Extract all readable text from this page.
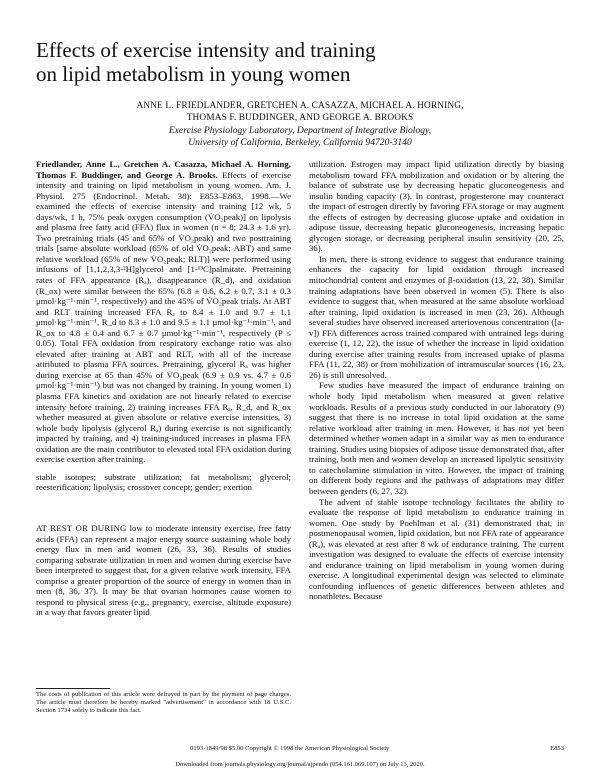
Effects of exercise intensity and training
on lipid metabolism in young women
ANNE L. FRIEDLANDER, GRETCHEN A. CASAZZA, MICHAEL A. HORNING,
THOMAS F. BUDDINGER, AND GEORGE A. BROOKS
Exercise Physiology Laboratory, Department of Integrative Biology,
University of California, Berkeley, California 94720-3140

Friedlander, Anne L., Gretchen A. Casazza, Michael A. Horning, Thomas F. Buddinger, and George A. Brooks. Effects of exercise intensity and training on lipid metabolism in young women. Am. J. Physiol. 275 (Endocrinol. Metab. 38): E853–E863, 1998.—We examined the effects of exercise intensity and training [12 wk, 5 days/wk, 1 h, 75% peak oxygen consumption (V̇O₂peak)] on lipolysis and plasma free fatty acid (FFA) flux in women (n = 8; 24.3 ± 1.6 yr). Two pretraining trials (45 and 65% of V̇O₂peak) and two posttraining trials [same absolute workload (65% of old V̇O₂peak; ABT) and same relative workload (65% of new V̇O₂peak; RLT)] were performed using infusions of [1,1,2,3,3-²H]glycerol and [1-¹³C]palmitate. Pretraining rates of FFA appearance (Rₐ), disappearance (R_d), and oxidation (R_ox) were similar between the 65% (6.8 ± 0.6, 6.2 ± 0.7, 3.1 ± 0.3 μmol·kg⁻¹·min⁻¹, respectively) and the 45% of V̇O₂peak trials. At ABT and RLT training increased FFA Rₐ to 8.4 ± 1.0 and 9.7 ± 1.1 μmol·kg⁻¹·min⁻¹, R_d to 8.3 ± 1.0 and 9.5 ± 1.1 μmol·kg⁻¹·min⁻¹, and R_ox to 4.8 ± 0.4 and 6.7 ± 0.7 μmol·kg⁻¹·min⁻¹, respectively (P ≤ 0.05). Total FFA oxidation from respiratory exchange ratio was also elevated after training at ABT and RLT, with all of the increase attributed to plasma FFA sources. Pretraining, glycerol Rₐ was higher during exercise at 65 than 45% of V̇O₂peak (6.9 ± 0.9 vs. 4.7 ± 0.6 μmol·kg⁻¹·min⁻¹) but was not changed by training. In young women 1) plasma FFA kinetics and oxidation are not linearly related to exercise intensity before training, 2) training increases FFA Rₐ, R_d, and R_ox whether measured at given absolute or relative exercise intensities, 3) whole body lipolysis (glycerol Rₐ) during exercise is not significantly impacted by training, and 4) training-induced increases in plasma FFA oxidation are the main contributor to elevated total FFA oxidation during exercise exertion after training.

stable isotopes; substrate utilization; fat metabolism; glycerol; reesterification; lipolysis; crossover concept; gender; exertion

AT REST OR DURING low to moderate intensity exercise, free fatty acids (FFA) can represent a major energy source sustaining whole body energy flux in men and women (26, 33, 36). Results of studies comparing substrate utilization in men and women during exercise have been interpreted to suggest that, for a given relative work intensity, FFA comprise a greater proportion of the source of energy in women than in men (8, 36, 37). It may be that ovarian hormones cause women to respond to physical stress (e.g., pregnancy, exercise, altitude exposure) in a way that favors greater lipid

utilization. Estrogen may impact lipid utilization directly by biasing metabolism toward FFA mobilization and oxidation or by altering the balance of substrate use by decreasing hepatic gluconeogenesis and insulin binding capacity (3). In contrast, progesterone may counteract the impact of estrogen directly by favoring FFA storage or may augment the effects of estrogen by decreasing glucose uptake and oxidation in adipose tissue, decreasing hepatic gluconeogenesis, increasing hepatic glycogen storage, or decreasing peripheral insulin sensitivity (20, 25, 36).

In men, there is strong evidence to suggest that endurance training enhances the capacity for lipid oxidation through increased mitochondrial content and enzymes of β-oxidation (13, 22, 38). Similar training adaptations have been observed in women (5). There is also evidence to suggest that, when measured at the same absolute workload after training, lipid oxidation is increased in men (23, 26). Although several studies have observed increased arteriovenous concentration ([a-v]) FFA differences across trained compared with untrained legs during exercise (1, 12, 22), the issue of whether the increase in lipid oxidation during exercise after training results from increased uptake of plasma FFA (11, 22, 38) or from mobilization of intramuscular sources (16, 23, 26) is still unresolved.

Few studies have measured the impact of endurance training on whole body lipid metabolism when measured at given relative workloads. Results of a previous study conducted in our laboratory (9) suggest that there is no increase in total lipid oxidation at the same relative workload after training in men. However, it has not yet been determined whether women adapt in a similar way as men to endurance training. Studies using biopsies of adipose tissue demonstrated that, after training, both men and women develop an increased lipolytic sensitivity to catecholamine stimulation in vitro. However, the impact of training on different body regions and the pathways of adaptations may differ between genders (6, 27, 32).

The advent of stable isotope technology facilitates the ability to evaluate the response of lipid metabolism to endurance training in women. One study by Poehlman et al. (31) demonstrated that, in postmenopausal women, lipid oxidation, but not FFA rate of appearance (Rₐ), was elevated at rest after 8 wk of endurance training. The current investigation was designed to evaluate the effects of exercise intensity and endurance training on lipid metabolism in young women during exercise. A longitudinal experimental design was selected to eliminate confounding influences of genetic differences between athletes and nonathletes. Because

The costs of publication of this article were defrayed in part by the payment of page charges. The article must therefore be hereby marked "advertisement" in accordance with 18 U.S.C. Section 1734 solely to indicate this fact.
0193-1849/98 $5.00 Copyright © 1998 the American Physiological Society	E853
Downloaded from journals.physiology.org/journal/ajpendo (054.161.069.107) on July 13, 2020.
